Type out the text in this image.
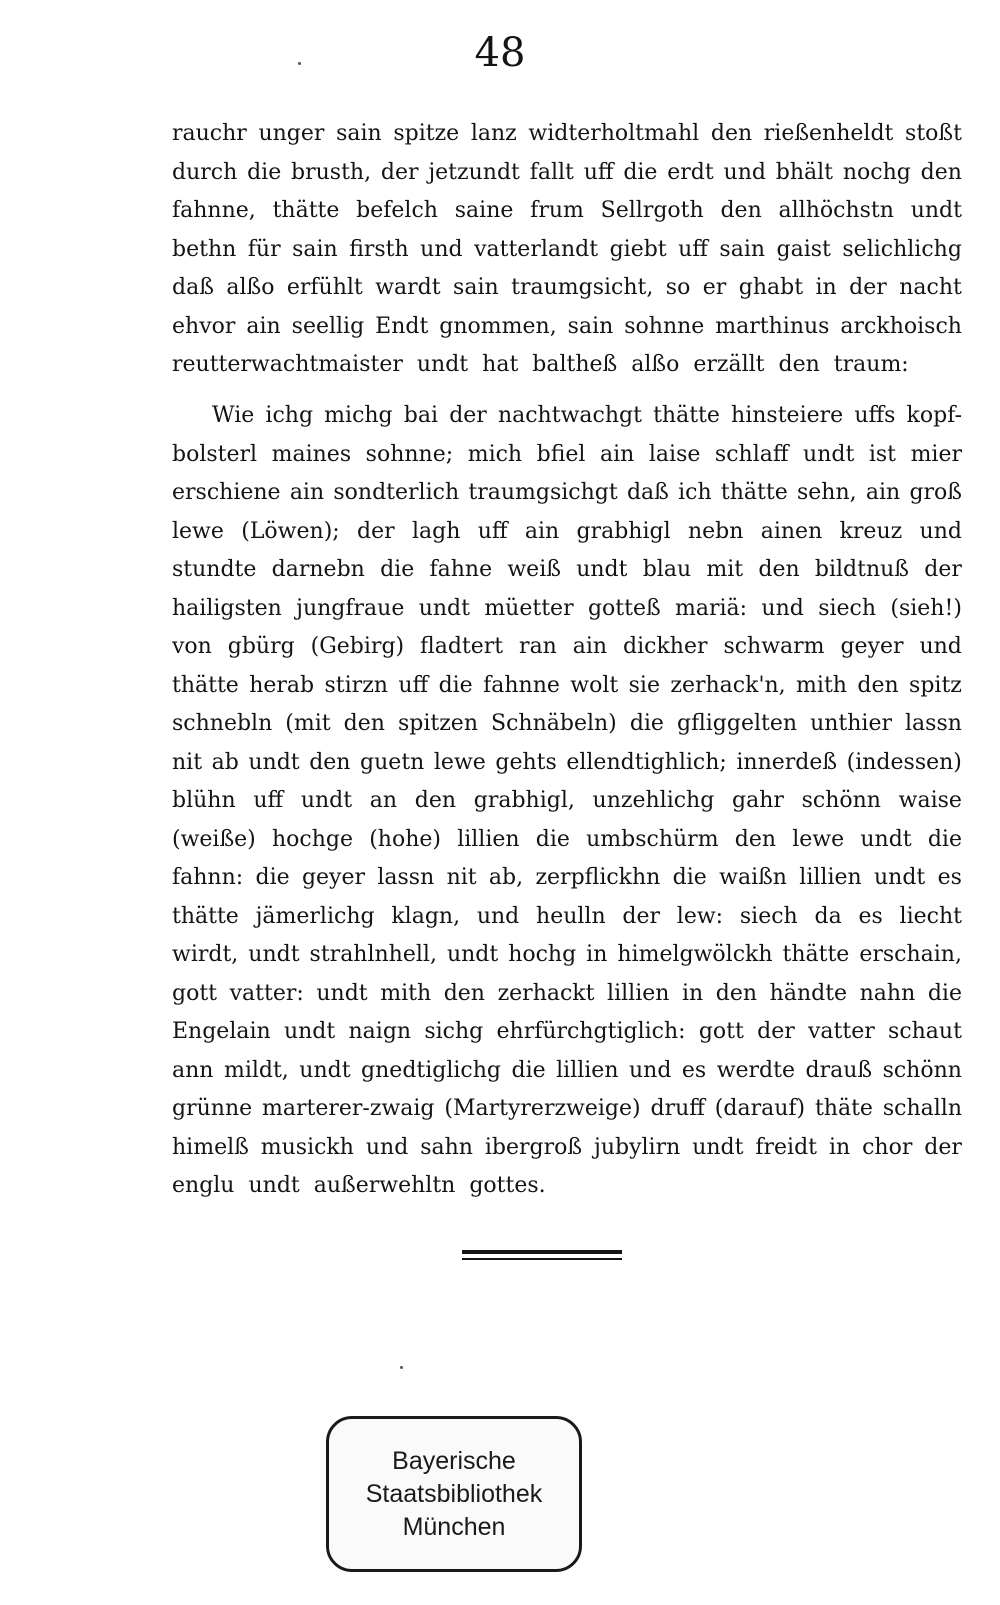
48
rauchr unger sain spitze lanz widterholtmahl den rießenheldt stoßt
durch die brusth, der jetzundt fallt uff die erdt und bhält nochg den
fahnne, thätte befelch saine frum Sellrgoth den allhöchstn undt
bethn für sain firsth und vatterlandt giebt uff sain gaist selichlichg
daß alßo erfühlt wardt sain traumgsicht, so er ghabt in der nacht
ehvor ain seellig Endt gnommen, sain sohnne marthinus arckhoisch
reutterwachtmaister undt hat baltheß alßo erzällt den traum:
Wie ichg michg bai der nachtwachgt thätte hinsteiere uffs kopf-
bolsterl maines sohnne; mich bfiel ain laise schlaff undt ist mier
erschiene ain sondterlich traumgsichgt daß ich thätte sehn, ain groß
lewe (Löwen); der lagh uff ain grabhigl nebn ainen kreuz und
stundte darnebn die fahne weiß undt blau mit den bildtnuß der
hailigsten jungfraue undt müetter gotteß mariä: und siech (sieh!)
von gbürg (Gebirg) fladtert ran ain dickher schwarm geyer und
thätte herab stirzn uff die fahnne wolt sie zerhack'n, mith den spitz
schnebln (mit den spitzen Schnäbeln) die gfliggelten unthier lassn
nit ab undt den guetn lewe gehts ellendtighlich; innerdeß (indessen)
blühn uff undt an den grabhigl, unzehlichg gahr schönn waise
(weiße) hochge (hohe) lillien die umbschürm den lewe undt die
fahnn: die geyer lassn nit ab, zerpflickhn die waißn lillien undt es
thätte jämerlichg klagn, und heulln der lew: siech da es liecht
wirdt, undt strahlnhell, undt hochg in himelgwölckh thätte erschain,
gott vatter: undt mith den zerhackt lillien in den händte nahn die
Engelain undt naign sichg ehrfürchgtiglich: gott der vatter schaut
ann mildt, undt gnedtiglichg die lillien und es werdte drauß schönn
grünne marterer-zwaig (Martyrerzweige) druff (darauf) thäte schalln
himelß musickh und sahn ibergroß jubylirn undt freidt in chor der
englu undt außerwehltn gottes.
Bayerische
Staatsbibliothek
München
